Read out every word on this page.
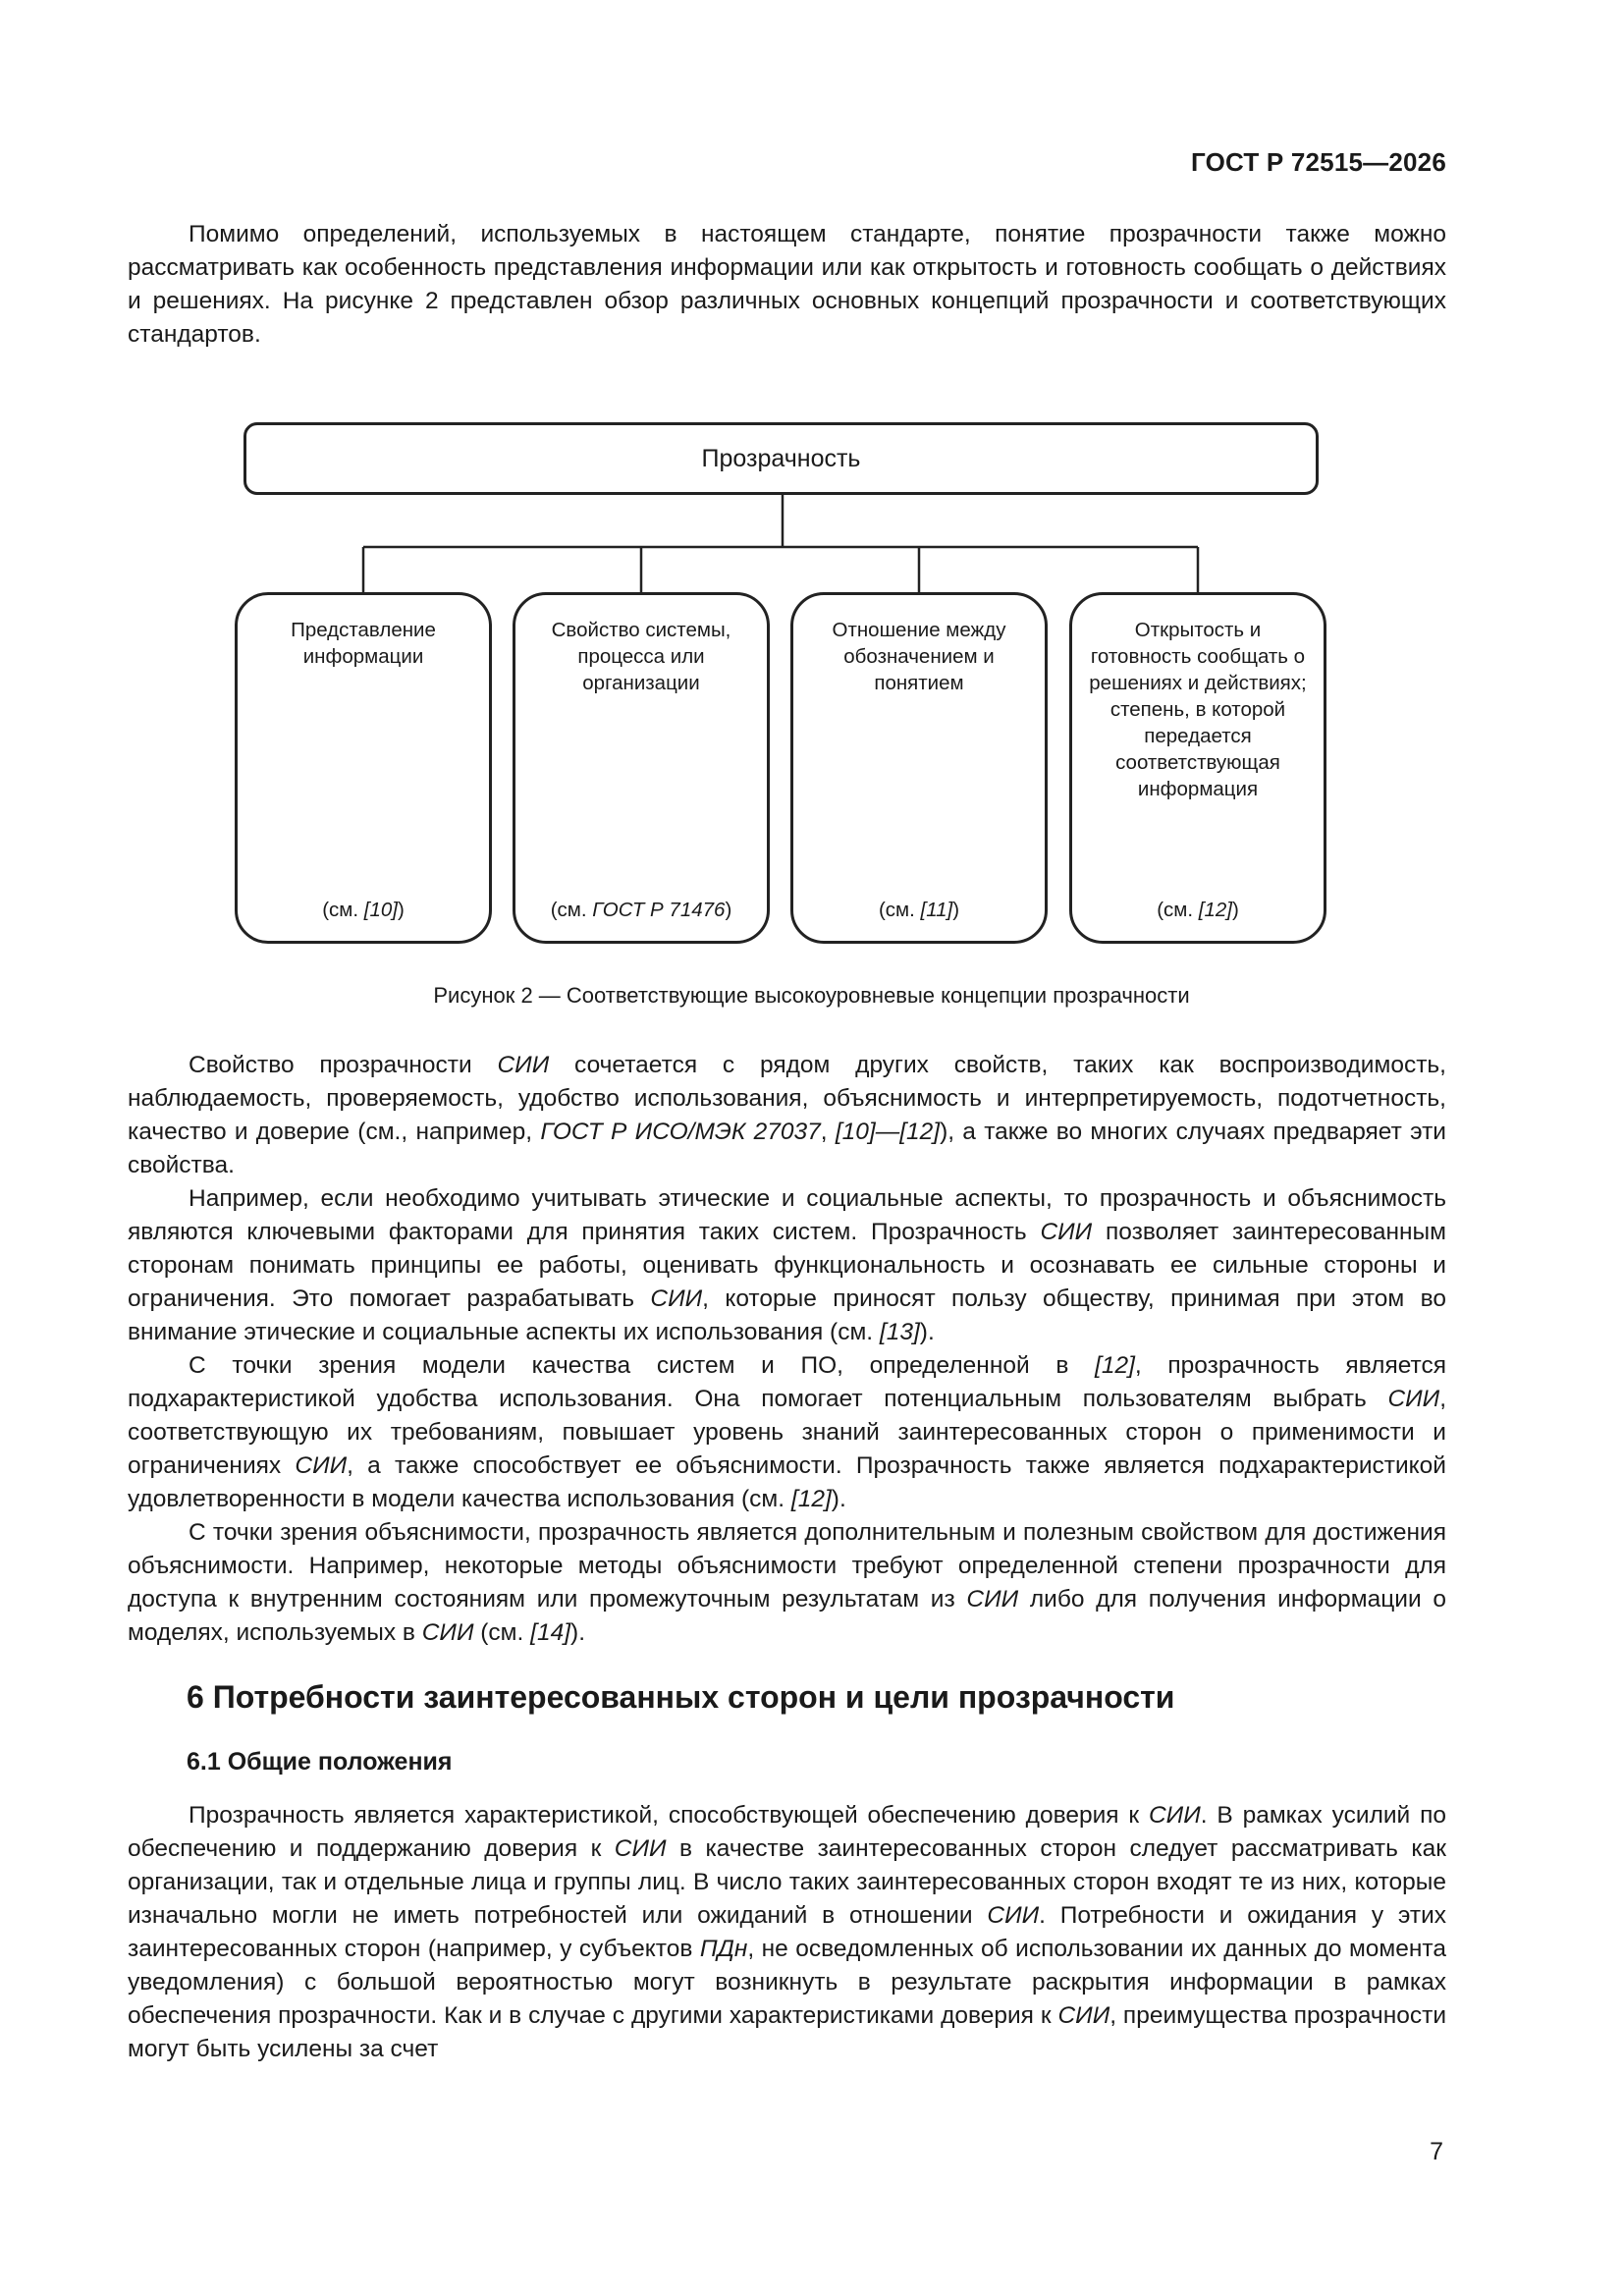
ГОСТ Р 72515—2026

Помимо определений, используемых в настоящем стандарте, понятие прозрачности также можно рассматривать как особенность представления информации или как открытость и готовность сообщать о действиях и решениях. На рисунке 2 представлен обзор различных основных концепций прозрачности и соответствующих стандартов.

Прозрачность
Представление информации
(см. [10])
Свойство системы, процесса или организации
(см. ГОСТ Р 71476)
Отношение между обозначением и понятием
(см. [11])
Открытость и готовность сообщать о решениях и действиях; степень, в которой передается соответствующая информация
(см. [12])
Рисунок 2 — Соответствующие высокоуровневые концепции прозрачности

Свойство прозрачности СИИ сочетается с рядом других свойств, таких как воспроизводимость, наблюдаемость, проверяемость, удобство использования, объяснимость и интерпретируемость, подотчетность, качество и доверие (см., например, ГОСТ Р ИСО/МЭК 27037, [10]—[12]), а также во многих случаях предваряет эти свойства.

Например, если необходимо учитывать этические и социальные аспекты, то прозрачность и объяснимость являются ключевыми факторами для принятия таких систем. Прозрачность СИИ позволяет заинтересованным сторонам понимать принципы ее работы, оценивать функциональность и осознавать ее сильные стороны и ограничения. Это помогает разрабатывать СИИ, которые приносят пользу обществу, принимая при этом во внимание этические и социальные аспекты их использования (см. [13]).

С точки зрения модели качества систем и ПО, определенной в [12], прозрачность является подхарактеристикой удобства использования. Она помогает потенциальным пользователям выбрать СИИ, соответствующую их требованиям, повышает уровень знаний заинтересованных сторон о применимости и ограничениях СИИ, а также способствует ее объяснимости. Прозрачность также является подхарактеристикой удовлетворенности в модели качества использования (см. [12]).

С точки зрения объяснимости, прозрачность является дополнительным и полезным свойством для достижения объяснимости. Например, некоторые методы объяснимости требуют определенной степени прозрачности для доступа к внутренним состояниям или промежуточным результатам из СИИ либо для получения информации о моделях, используемых в СИИ (см. [14]).

6 Потребности заинтересованных сторон и цели прозрачности
6.1 Общие положения

Прозрачность является характеристикой, способствующей обеспечению доверия к СИИ. В рамках усилий по обеспечению и поддержанию доверия к СИИ в качестве заинтересованных сторон следует рассматривать как организации, так и отдельные лица и группы лиц. В число таких заинтересованных сторон входят те из них, которые изначально могли не иметь потребностей или ожиданий в отношении СИИ. Потребности и ожидания у этих заинтересованных сторон (например, у субъектов ПДн, не осведомленных об использовании их данных до момента уведомления) с большой вероятностью могут возникнуть в результате раскрытия информации в рамках обеспечения прозрачности. Как и в случае с другими характеристиками доверия к СИИ, преимущества прозрачности могут быть усилены за счет

7
